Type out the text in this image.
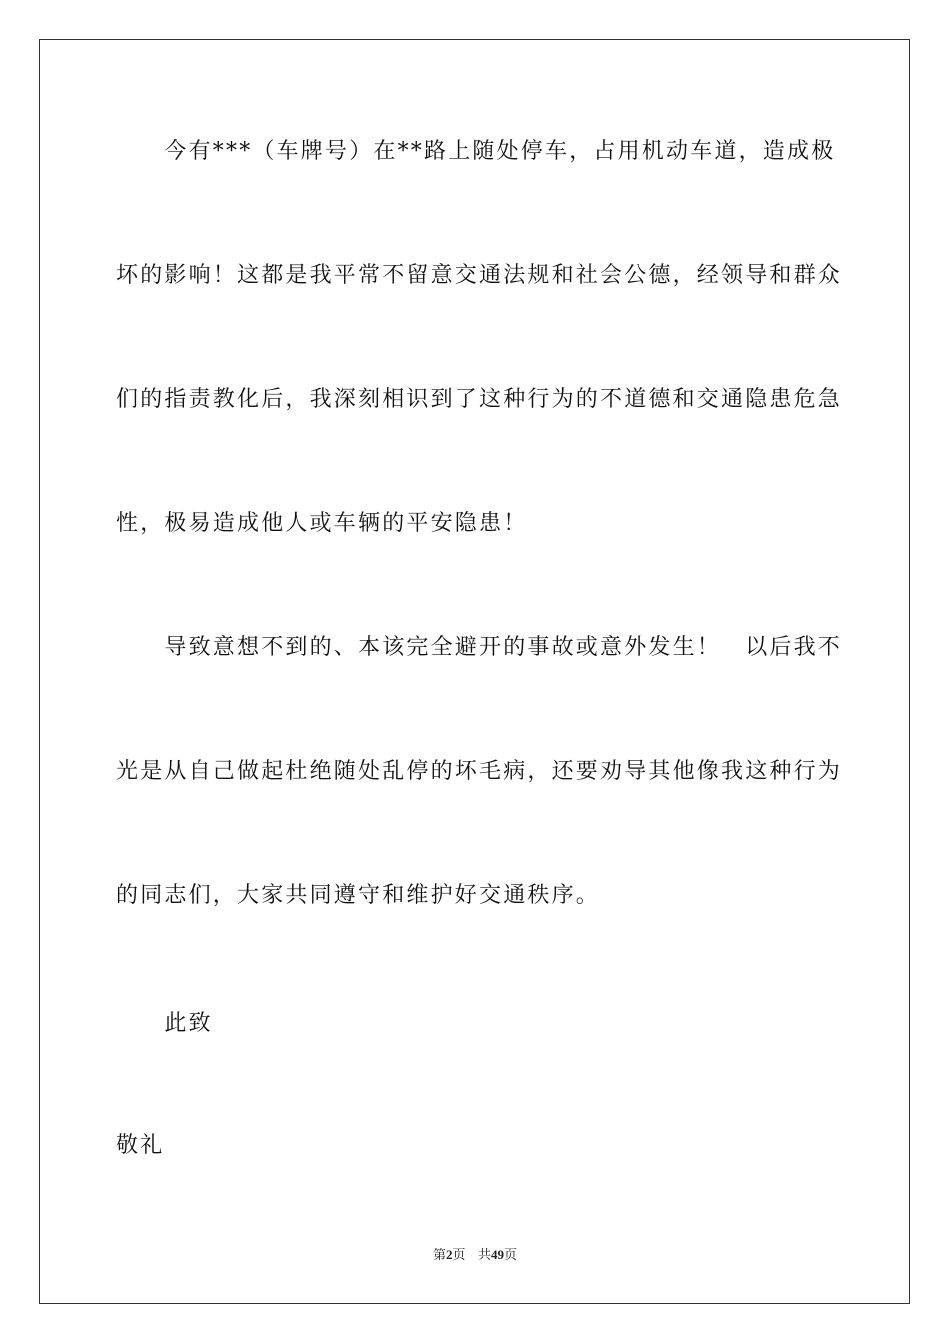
　　今有***（车牌号）在**路上随处停车，占用机动车道，造成极

坏的影响！这都是我平常不留意交通法规和社会公德，经领导和群众

们的指责教化后，我深刻相识到了这种行为的不道德和交通隐患危急

性，极易造成他人或车辆的平安隐患！

　　导致意想不到的、本该完全避开的事故或意外发生！　以后我不

光是从自己做起杜绝随处乱停的坏毛病，还要劝导其他像我这种行为

的同志们，大家共同遵守和维护好交通秩序。

　　此致

敬礼

第2页 共49页
